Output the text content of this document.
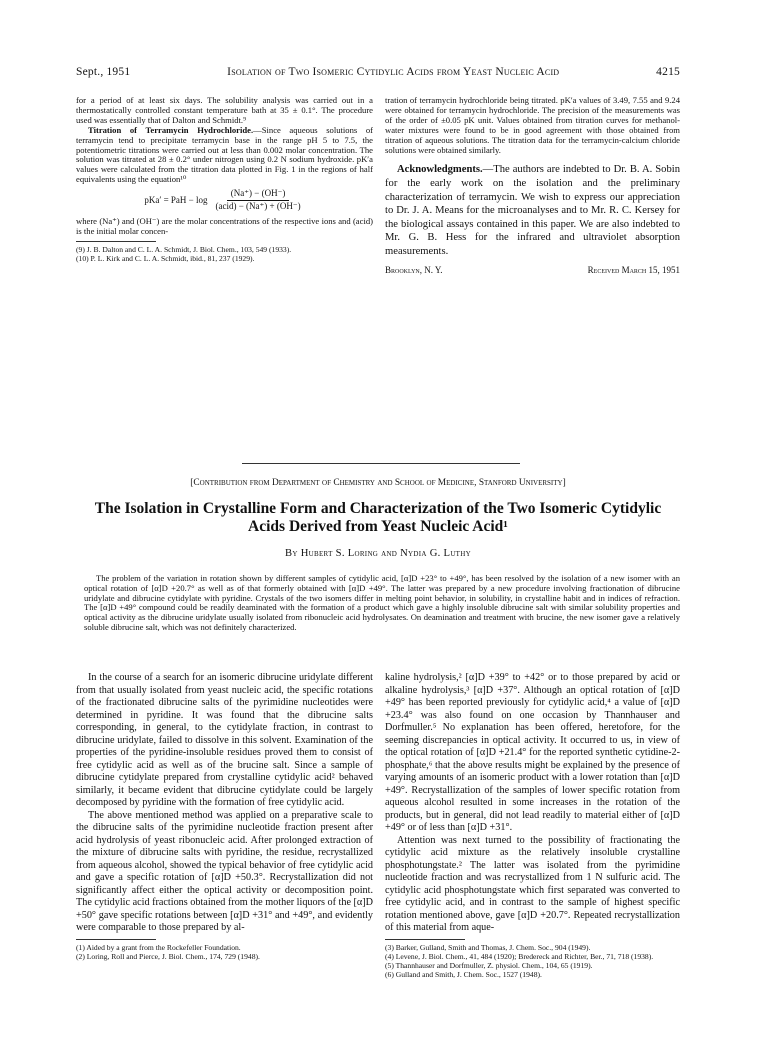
Sept., 1951	Isolation of Two Isomeric Cytidylic Acids from Yeast Nucleic Acid	4215

for a period of at least six days. The solubility analysis was carried out in a thermostatically controlled constant temperature bath at 35 ± 0.1°. The procedure used was essentially that of Dalton and Schmidt.⁹

Titration of Terramycin Hydrochloride.—Since aqueous solutions of terramycin tend to precipitate terramycin base in the range pH 5 to 7.5, the potentiometric titrations were carried out at less than 0.002 molar concentration. The solution was titrated at 28 ± 0.2° under nitrogen using 0.2 N sodium hydroxide. pK′a values were calculated from the titration data plotted in Fig. 1 in the regions of half equivalents using the equation¹⁰

pKa′ = PaH − $\log \frac{(Na^+) - (OH^-)}{\text{(acid) − (Na⁺) + (OH⁻)}}$

where (Na⁺) and (OH⁻) are the molar concentrations of the respective ions and (acid) is the initial molar concen-

(9) J. B. Dalton and C. L. A. Schmidt, J. Biol. Chem., 103, 549 (1933).

(10) P. L. Kirk and C. L. A. Schmidt, ibid., 81, 237 (1929).

tration of terramycin hydrochloride being titrated. pK′a values of 3.49, 7.55 and 9.24 were obtained for terramycin hydrochloride. The precision of the measurements was of the order of ±0.05 pK unit. Values obtained from titration curves for methanol-water mixtures were found to be in good agreement with those obtained from titration of aqueous solutions. The titration data for the terramycin-calcium chloride solutions were obtained similarly.

Acknowledgments.—The authors are indebted to Dr. B. A. Sobin for the early work on the isolation and the preliminary characterization of terramycin. We wish to express our appreciation to Dr. J. A. Means for the microanalyses and to Mr. R. C. Kersey for the biological assays contained in this paper. We are also indebted to Mr. G. B. Hess for the infrared and ultraviolet absorption measurements.

Brooklyn, N. Y.	Received March 15, 1951
[Contribution from Department of Chemistry and School of Medicine, Stanford University]
The Isolation in Crystalline Form and Characterization of the Two Isomeric Cytidylic Acids Derived from Yeast Nucleic Acid¹
By Hubert S. Loring and Nydia G. Luthy
The problem of the variation in rotation shown by different samples of cytidylic acid, [α]D +23° to +49°, has been resolved by the isolation of a new isomer with an optical rotation of [α]D +20.7° as well as of that formerly obtained with [α]D +49°. The latter was prepared by a new procedure involving fractionation of dibrucine uridylate and dibrucine cytidylate with pyridine. Crystals of the two isomers differ in melting point behavior, in solubility, in crystalline habit and in indices of refraction. The [α]D +49° compound could be readily deaminated with the formation of a product which gave a highly insoluble dibrucine salt with similar solubility properties and optical activity as the dibrucine uridylate usually isolated from ribonucleic acid hydrolysates. On deamination and treatment with brucine, the new isomer gave a relatively soluble dibrucine salt, which was not definitely characterized.

In the course of a search for an isomeric dibrucine uridylate different from that usually isolated from yeast nucleic acid, the specific rotations of the fractionated dibrucine salts of the pyrimidine nucleotides were determined in pyridine. It was found that the dibrucine salts corresponding, in general, to the cytidylate fraction, in contrast to dibrucine uridylate, failed to dissolve in this solvent. Examination of the properties of the pyridine-insoluble residues proved them to consist of free cytidylic acid as well as of the brucine salt. Since a sample of dibrucine cytidylate prepared from crystalline cytidylic acid² behaved similarly, it became evident that dibrucine cytidylate could be largely decomposed by pyridine with the formation of free cytidylic acid.

The above mentioned method was applied on a preparative scale to the dibrucine salts of the pyrimidine nucleotide fraction present after acid hydrolysis of yeast ribonucleic acid. After prolonged extraction of the mixture of dibrucine salts with pyridine, the residue, recrystallized from aqueous alcohol, showed the typical behavior of free cytidylic acid and gave a specific rotation of [α]D +50.3°. Recrystallization did not significantly affect either the optical activity or decomposition point. The cytidylic acid fractions obtained from the mother liquors of the [α]D +50° gave specific rotations between [α]D +31° and +49°, and evidently were comparable to those prepared by al-

(1) Aided by a grant from the Rockefeller Foundation.

(2) Loring, Roll and Pierce, J. Biol. Chem., 174, 729 (1948).

kaline hydrolysis,² [α]D +39° to +42° or to those prepared by acid or alkaline hydrolysis,³ [α]D +37°. Although an optical rotation of [α]D +49° has been reported previously for cytidylic acid,⁴ a value of [α]D +23.4° was also found on one occasion by Thannhauser and Dorfmuller.⁵ No explanation has been offered, heretofore, for the seeming discrepancies in optical activity. It occurred to us, in view of the optical rotation of [α]D +21.4° for the reported synthetic cytidine-2-phosphate,⁶ that the above results might be explained by the presence of varying amounts of an isomeric product with a lower rotation than [α]D +49°. Recrystallization of the samples of lower specific rotation from aqueous alcohol resulted in some increases in the rotation of the products, but in general, did not lead readily to material either of [α]D +49° or of less than [α]D +31°.

Attention was next turned to the possibility of fractionating the cytidylic acid mixture as the relatively insoluble crystalline phosphotungstate.² The latter was isolated from the pyrimidine nucleotide fraction and was recrystallized from 1 N sulfuric acid. The cytidylic acid phosphotungstate which first separated was converted to free cytidylic acid, and in contrast to the sample of highest specific rotation mentioned above, gave [α]D +20.7°. Repeated recrystallization of this material from aque-

(3) Barker, Gulland, Smith and Thomas, J. Chem. Soc., 904 (1949).

(4) Levene, J. Biol. Chem., 41, 484 (1920); Bredereck and Richter, Ber., 71, 718 (1938).

(5) Thannhauser and Dorfmuller, Z. physiol. Chem., 104, 65 (1919).

(6) Gulland and Smith, J. Chem. Soc., 1527 (1948).
